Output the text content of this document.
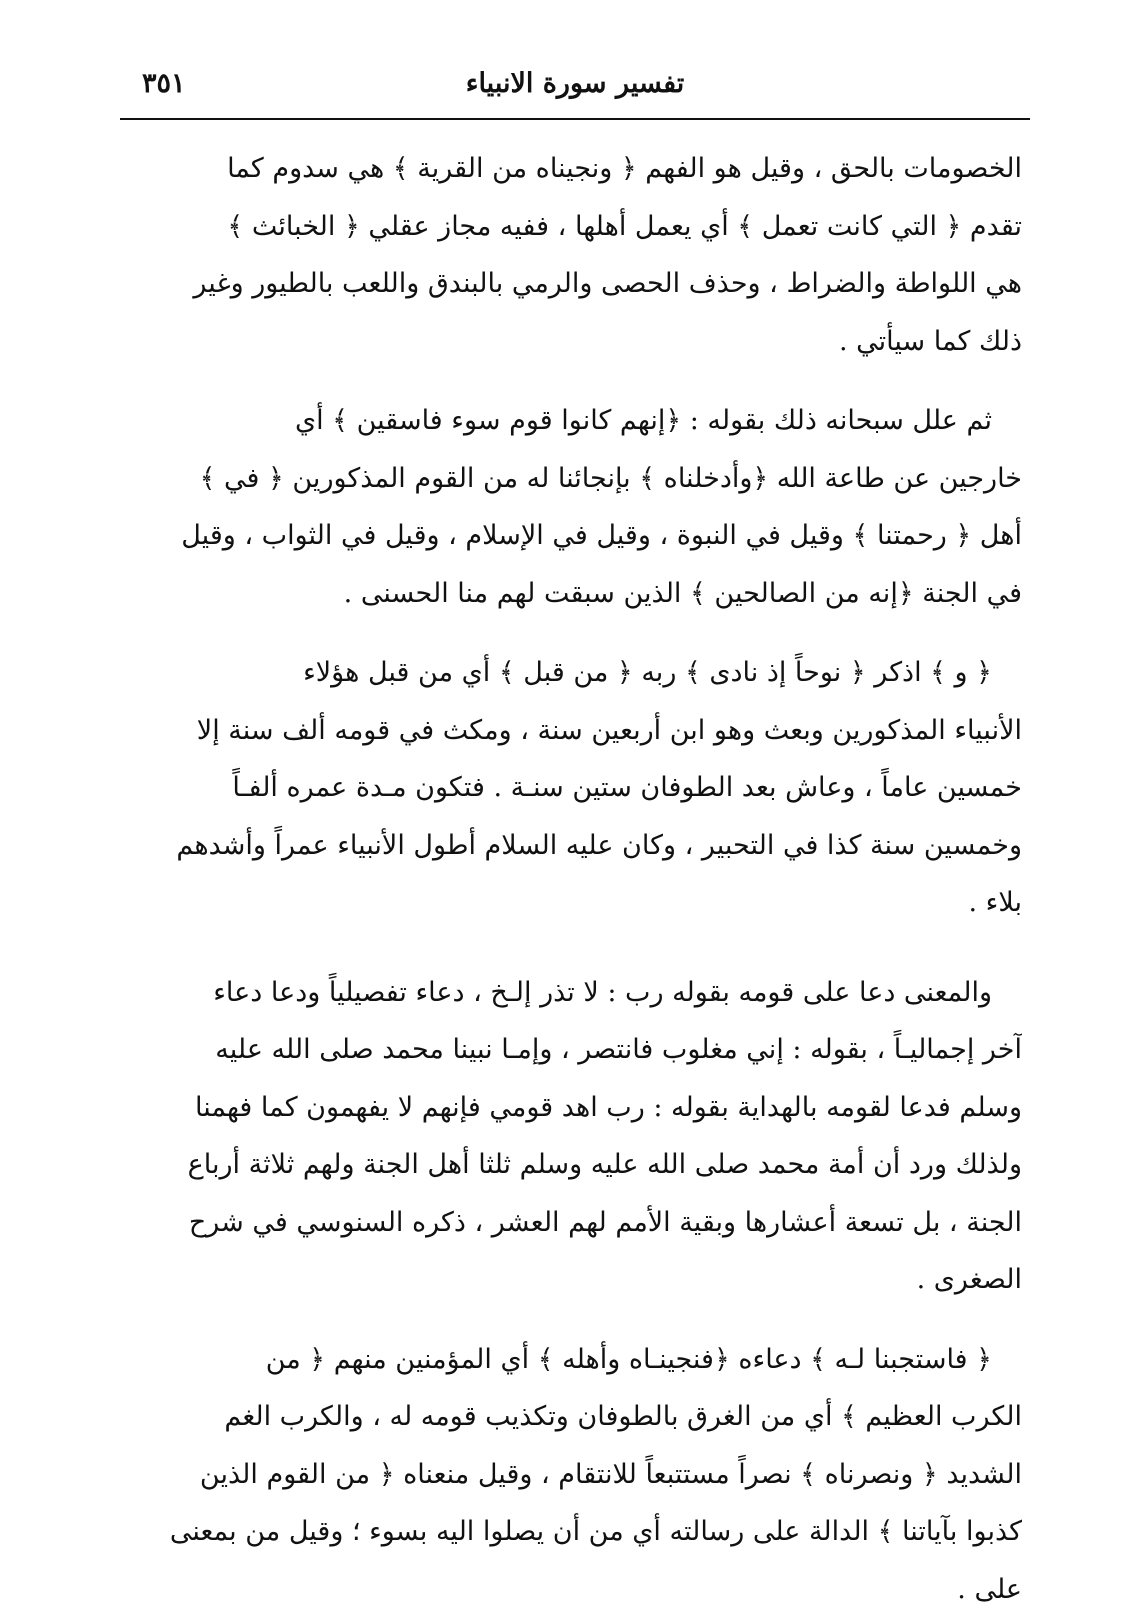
تفسير سورة الانبياء
٣٥١
الخصومات بالحق ، وقيل هو الفهم ﴿ ونجيناه من القرية ﴾ هي سدوم كما
تقدم ﴿ التي كانت تعمل ﴾ أي يعمل أهلها ، ففيه مجاز عقلي ﴿ الخبائث ﴾
هي اللواطة والضراط ، وحذف الحصى والرمي بالبندق واللعب بالطيور وغير
ذلك كما سيأتي .
ثم علل سبحانه ذلك بقوله : ﴿إنهم كانوا قوم سوء فاسقين ﴾ أي
خارجين عن طاعة الله ﴿وأدخلناه ﴾ بإنجائنا له من القوم المذكورين ﴿ في ﴾
أهل ﴿ رحمتنا ﴾ وقيل في النبوة ، وقيل في الإسلام ، وقيل في الثواب ، وقيل
في الجنة ﴿إنه من الصالحين ﴾ الذين سبقت لهم منا الحسنى .
﴿ و ﴾ اذكر ﴿ نوحاً إذ نادى ﴾ ربه ﴿ من قبل ﴾ أي من قبل هؤلاء
الأنبياء المذكورين وبعث وهو ابن أربعين سنة ، ومكث في قومه ألف سنة إلا
خمسين عاماً ، وعاش بعد الطوفان ستين سنـة . فتكون مـدة عمره ألفـاً
وخمسين سنة كذا في التحبير ، وكان عليه السلام أطول الأنبياء عمراً وأشدهم
بلاء .
والمعنى دعا على قومه بقوله رب : لا تذر إلـخ ، دعاء تفصيلياً ودعا دعاء
آخر إجماليـاً ، بقوله : إني مغلوب فانتصر ، وإمـا نبينا محمد صلى الله عليه
وسلم فدعا لقومه بالهداية بقوله : رب اهد قومي فإنهم لا يفهمون كما فهمنا
ولذلك ورد أن أمة محمد صلى الله عليه وسلم ثلثا أهل الجنة ولهم ثلاثة أرباع
الجنة ، بل تسعة أعشارها وبقية الأمم لهم العشر ، ذكره السنوسي في شرح
الصغرى .
﴿ فاستجبنا لـه ﴾ دعاءه ﴿فنجينـاه وأهله ﴾ أي المؤمنين منهم ﴿ من
الكرب العظيم ﴾ أي من الغرق بالطوفان وتكذيب قومه له ، والكرب الغم
الشديد ﴿ ونصرناه ﴾ نصراً مستتبعاً للانتقام ، وقيل منعناه ﴿ من القوم الذين
كذبوا بآياتنا ﴾ الدالة على رسالته أي من أن يصلوا اليه بسوء ؛ وقيل من بمعنى
على .
